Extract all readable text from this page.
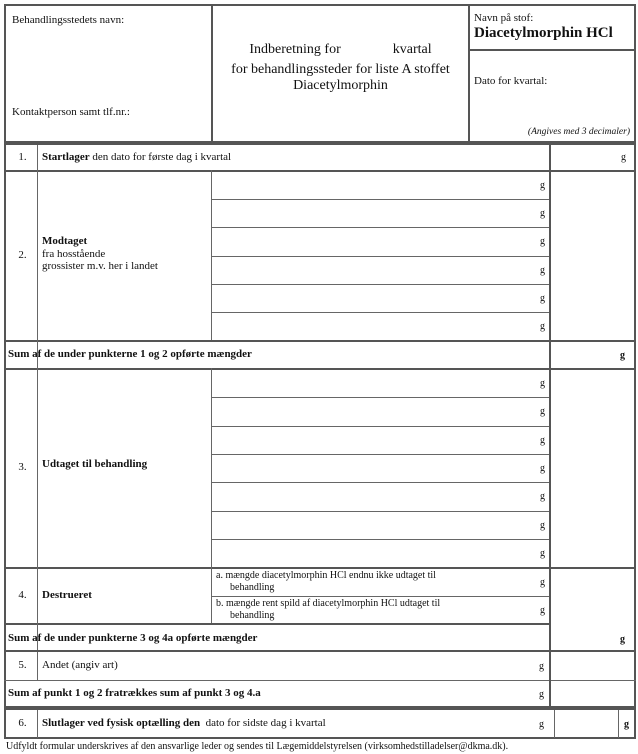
Behandlingsstedets navn:
Kontaktperson samt tlf.nr.:
Indberetning for	kvartal
for behandlingssteder for liste A stoffet
Diacetylmorphin
Navn på stof:
Diacetylmorphin HCl
Dato for kvartal:
(Angives med 3 decimaler)
1.	Startlager den dato for første dag i kvartal	g
2.
Modtaget
fra hosstående
grossister m.v. her i landet
g
g
g
g
g
g
Sum af de under punkterne 1 og 2 opførte mængder	g
3.	Udtaget til behandling
g
g
g
g
g
g
g
4.	Destrueret
a. mængde diacetylmorphin HCl endnu ikke udtaget til
behandling	g
b. mængde rent spild af diacetylmorphin HCl udtaget til
behandling	g
Sum af de under punkterne 3 og 4a opførte mængder	g
5.	Andet (angiv art)	g
Sum af punkt 1 og 2 fratrækkes sum af punkt 3 og 4.a	g
6.	Slutlager ved fysisk optælling den  dato for sidste dag i kvartal	g	g
Udfyldt formular underskrives af den ansvarlige leder og sendes til Lægemiddelstyrelsen (virksomhedstilladelser@dkma.dk).
